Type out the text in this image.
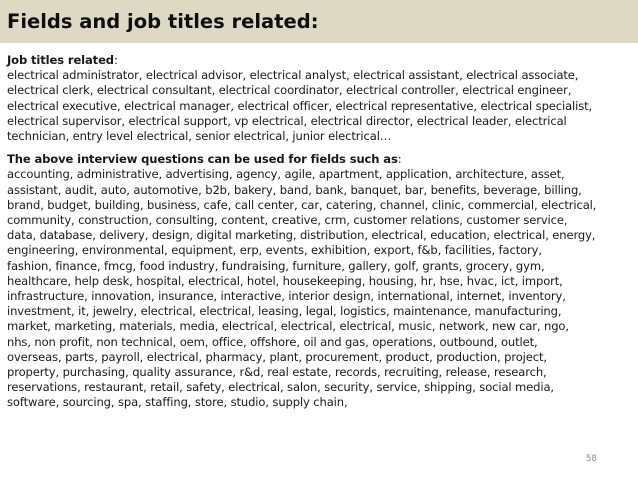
Fields and job titles related:

Job titles related:

electrical administrator, electrical advisor, electrical analyst, electrical assistant, electrical associate,
electrical clerk, electrical consultant, electrical coordinator, electrical controller, electrical engineer,
electrical executive, electrical manager, electrical officer, electrical representative, electrical specialist,
electrical supervisor, electrical support, vp electrical, electrical director, electrical leader, electrical
technician, entry level electrical, senior electrical, junior electrical…

The above interview questions can be used for fields such as:

accounting, administrative, advertising, agency, agile, apartment, application, architecture, asset,
assistant, audit, auto, automotive, b2b, bakery, band, bank, banquet, bar, benefits, beverage, billing,
brand, budget, building, business, cafe, call center, car, catering, channel, clinic, commercial, electrical,
community, construction, consulting, content, creative, crm, customer relations, customer service,
data, database, delivery, design, digital marketing, distribution, electrical, education, electrical, energy,
engineering, environmental, equipment, erp, events, exhibition, export, f&b, facilities, factory,
fashion, finance, fmcg, food industry, fundraising, furniture, gallery, golf, grants, grocery, gym,
healthcare, help desk, hospital, electrical, hotel, housekeeping, housing, hr, hse, hvac, ict, import,
infrastructure, innovation, insurance, interactive, interior design, international, internet, inventory,
investment, it, jewelry, electrical, electrical, leasing, legal, logistics, maintenance, manufacturing,
market, marketing, materials, media, electrical, electrical, electrical, music, network, new car, ngo,
nhs, non profit, non technical, oem, office, offshore, oil and gas, operations, outbound, outlet,
overseas, parts, payroll, electrical, pharmacy, plant, procurement, product, production, project,
property, purchasing, quality assurance, r&d, real estate, records, recruiting, release, research,
reservations, restaurant, retail, safety, electrical, salon, security, service, shipping, social media,
software, sourcing, spa, staffing, store, studio, supply chain,

58
